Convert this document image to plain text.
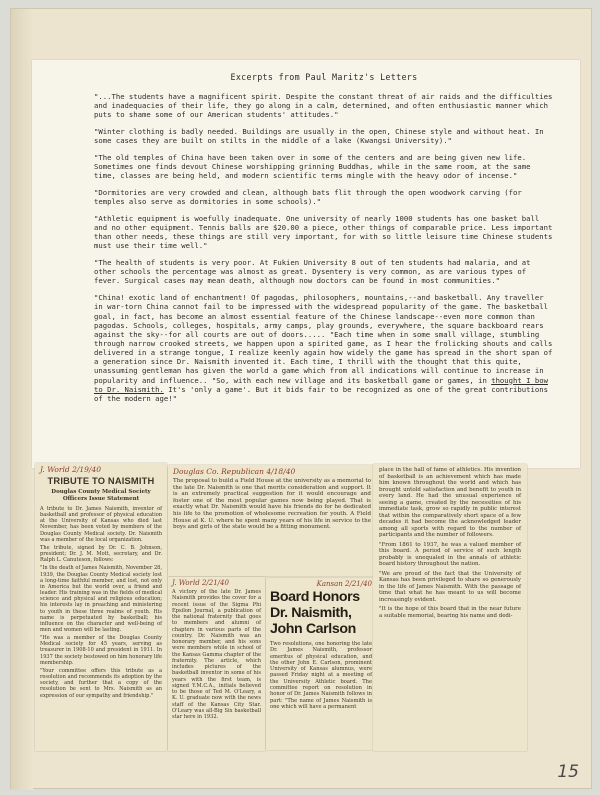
15
Excerpts from Paul Maritz's Letters
"...The students have a magnificent spirit. Despite the constant threat of air raids and the difficulties and inadequacies of their life, they go along in a calm, determined, and often enthusiastic manner which puts to shame some of our American students' attitudes."
"Winter clothing is badly needed. Buildings are usually in the open, Chinese style and without heat. In some cases they are built on stilts in the middle of a lake (Kwangsi University)."
"The old temples of China have been taken over in some of the centers and are being given new life. Sometimes one finds devout Chinese worshipping grinning Buddhas, while in the same room, at the same time, classes are being held, and modern scientific terms mingle with the heavy odor of incense."
"Dormitories are very crowded and clean, although bats flit through the open woodwork carving (for temples also serve as dormitories in some schools)."
"Athletic equipment is woefully inadequate. One university of nearly 1000 students has one basket ball and no other equipment. Tennis balls are $20.00 a piece, other things of comparable price. Less important than other needs, these things are still very important, for with so little leisure time Chinese students must use their time well."
"The health of students is very poor. At Fukien University 8 out of ten students had malaria, and at other schools the percentage was almost as great. Dysentery is very common, as are various types of fever. Surgical cases may mean death, although now doctors can be found in most communities."
"China! exotic land of enchantment! Of pagodas, philosophers, mountains,--and basketball. Any traveller in war-torn China cannot fail to be impressed with the widespread popularity of the game. The basketball goal, in fact, has become an almost essential feature of the Chinese landscape--even more common than pagodas. Schools, colleges, hospitals, army camps, play grounds, everywhere, the square backboard rears against the sky--for all courts are out of doors..... "Each time when in some small village, stumbling through narrow crooked streets, we happen upon a spirited game, as I hear the frolicking shouts and calls delivered in a strange tongue, I realize keenly again how widely the game has spread in the short span of a generation since Dr. Naismith invented it. Each time, I thrill with the thought that this quite, unassuming gentleman has given the world a game which from all indications will continue to increase in popularity and influence.. "So, with each new village and its basketball game or games, in thought I bow to Dr. Naismith. It's 'only a game'. But it bids fair to be recognized as one of the great contributions of the modern age!"
J. World 2/19/40
TRIBUTE TO NAISMITH
Douglas County Medical Society Officers Issue Statement

A tribute to Dr. James Naismith, inventor of basketball and professor of physical education at the University of Kansas who died last November, has been voted by members of the Douglas County Medical society. Dr. Naismith was a member of the local organization.

The tribute, signed by Dr. C. B. Johnson, president; Dr. J. M. Mott, secretary, and Dr. Ralph L. Canuteson, follows:

"In the death of James Naismith, November 28, 1939, the Douglas County Medical society lost a long-time faithful member, and lost, not only in America but the world over, a friend and leader. His training was in the fields of medical science and physical and religious education; his interests lay in preaching and ministering to youth in these three realms of youth. His name is perpetuated by basketball; his influence on the character and well-being of men and women will be lasting.

"He was a member of the Douglas County Medical society for 45 years, serving as treasurer in 1908-10 and president in 1911. In 1937 the society bestowed on him honorary life membership.

"Your committee offers this tribute as a resolution and recommends its adoption by the society, and further that a copy of the resolution be sent to Mrs. Naismith as an expression of our sympathy and friendship."

Douglas Co. Republican 4/18/40

The proposal to build a Field House at the university as a memorial to the late Dr. Naismith is one that merits consideration and support. It is an extremely practical suggestion for it would encourage and foster one of the most popular games now being played. That is exactly what Dr. Naismith would have his friends do for he dedicated his life to the promotion of wholesome recreation for youth. A Field House at K. U. where he spent many years of his life in service to the boys and girls of the state would be a fitting monument.

J. World 2/21/40

A victory of the late Dr. James Naismith provides the cover for a recent issue of the Sigma Phi Epsilon Journal, a publication of the national fraternity that goes to members and alumni of chapters in various parts of the country. Dr. Naismith was an honorary member, and his sons were members while in school of the Kansas Gamma chapter of the fraternity. The article, which includes pictures of the basketball inventor in some of his years with the first team, is signed Y.M.C.A., initials believed to be those of Ted M. O'Leary, a K. U. graduate now with the news staff of the Kansas City Star. O'Leary was all-Big Six basketball star here in 1932.

Kansan 2/21/40
Board Honors Dr. Naismith, John Carlson

Two resolutions, one honoring the late Dr. James Naismith, professor emeritus of physical education, and the other John E. Carlson, prominent University of Kansas alumnus, were passed Friday night at a meeting of the University Athletic board. The committee report on resolution in honor of Dr. James Naismith follows in part: "The name of James Naismith is one which will have a permanent

place in the hall of fame of athletics. His invention of basketball is an achievement which has made him known throughout the world and which has brought untold satisfaction and benefit to youth in every land. He had the unusual experience of seeing a game, created by the necessities of his immediate task, grow so rapidly in public interest that within the comparatively short space of a few decades it had become the acknowledged leader among all sports with regard to the number of participants and the number of followers.

"From 1861 to 1937, he was a valued member of this board. A period of service of such length probably is unequaled in the annals of athletic board history throughout the nation.

"We are proud of the fact that the University of Kansas has been privileged to share so generously in the life of James Naismith. With the passage of time that what he has meant to us will become increasingly evident.

"It is the hope of this board that in the near future a suitable memorial, bearing his name and dedi-
